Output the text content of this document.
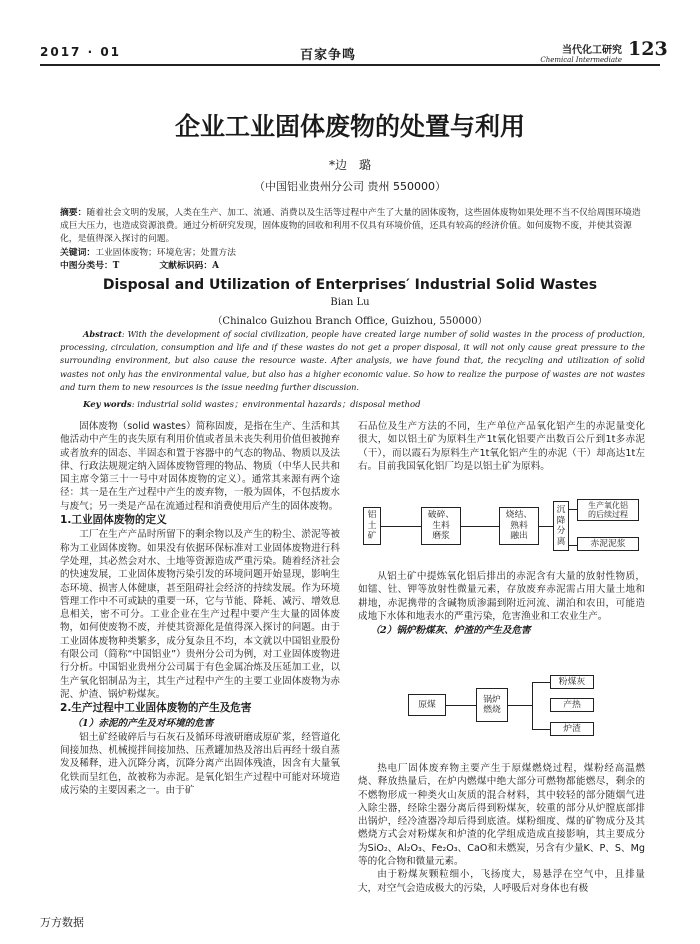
2017 · 01	百家争鸣	当代化工研究
Chemical Intermediate 123
企业工业固体废物的处置与利用
*边　璐
（中国铝业贵州分公司 贵州 550000）
摘要：随着社会文明的发展，人类在生产、加工、流通、消费以及生活等过程中产生了大量的固体废物，这些固体废物如果处理不当不仅给周围环境造成巨大压力，也造成资源浪费。通过分析研究发现，固体废物的回收和利用不仅具有环境价值，还具有较高的经济价值。如何废物不废，并使其资源化，是值得深入探讨的问题。
关键词：工业固体废物；环境危害；处置方法
中图分类号：T	文献标识码：A
Disposal and Utilization of Enterprises′ Industrial Solid Wastes
Bian Lu
（Chinalco Guizhou Branch Office, Guizhou, 550000）
Abstract: With the development of social civilization, people have created large number of solid wastes in the process of production, processing, circulation, consumption and life and if these wastes do not get a proper disposal, it will not only cause great pressure to the surrounding environment, but also cause the resource waste. After analysis, we have found that, the recycling and utilization of solid wastes not only has the environmental value, but also has a higher economic value. So how to realize the purpose of wastes are not wastes and turn them to new resources is the issue needing further discussion.
Key words: industrial solid wastes；environmental hazards；disposal method

固体废物（solid wastes）简称固废，是指在生产、生活和其他活动中产生的丧失原有利用价值或者虽未丧失利用价值但被抛弃或者放弃的固态、半固态和置于容器中的气态的物品、物质以及法律、行政法规规定纳入固体废物管理的物品、物质（中华人民共和国主席令第三十一号中对固体废物的定义）。通常其来源有两个途径：其一是在生产过程中产生的废弃物，一般为固体，不包括废水与废气；另一类是产品在流通过程和消费使用后产生的固体废物。

1.工业固体废物的定义

工厂在生产产品时所留下的剩余物以及产生的粉尘、淤泥等被称为工业固体废物。如果没有依据环保标准对工业固体废物进行科学处理，其必然会对水、土地等资源造成严重污染。随着经济社会的快速发展，工业固体废物污染引发的环境问题开始显现，影响生态环境、损害人体健康，甚至阻碍社会经济的持续发展。作为环境管理工作中不可或缺的重要一环，它与节能、降耗、减污、增效息息相关，密不可分。工业企业在生产过程中要产生大量的固体废物，如何使废物不废，并使其资源化是值得深入探讨的问题。由于工业固体废物种类繁多，成分复杂且不均，本文就以中国铝业股份有限公司（简称“中国铝业”）贵州分公司为例，对工业固体废物进行分析。中国铝业贵州分公司属于有色金属冶炼及压延加工业，以生产氧化铝制品为主，其生产过程中产生的主要工业固体废物为赤泥、炉渣、锅炉粉煤灰。

2.生产过程中工业固体废物的产生及危害
（1）赤泥的产生及对环境的危害

铝土矿经破碎后与石灰石及循环母液研磨成原矿浆，经管道化间接加热、机械搅拌间接加热、压煮罐加热及溶出后再经十级自蒸发及稀释，进入沉降分离，沉降分离产出固体残渣，因含有大量氧化铁而呈红色，故被称为赤泥。是氧化铝生产过程中可能对环境造成污染的主要因素之一。由于矿

石品位及生产方法的不同，生产单位产品氧化铝产生的赤泥量变化很大，如以铝土矿为原料生产1t氧化铝要产出数百公斤到1t多赤泥（干），而以霞石为原料生产1t氧化铝产生的赤泥（干）却高达1t左右。目前我国氧化铝厂均是以铝土矿为原料。

铝
土
矿
破碎、
生料
磨浆
烧结、
熟料
融出
沉
降
分
离
生产氧化铝
的后续过程
赤泥泥浆

从铝土矿中提炼氧化铝后排出的赤泥含有大量的放射性物质，如镭、钍、钾等放射性微量元素，存放废弃赤泥需占用大量土地和耕地，赤泥携带的含碱物质渗漏到附近河流、湖泊和农田，可能造成地下水体和地表水的严重污染，危害渔业和工农业生产。

（2）锅炉粉煤灰、炉渣的产生及危害
原煤
锅炉
燃烧
粉煤灰
产热
炉渣

热电厂固体废弃物主要产生于原煤燃烧过程，煤粉经高温燃烧、释放热量后，在炉内燃煤中绝大部分可燃物都能燃尽，剩余的不燃物形成一种类火山灰质的混合材料，其中较轻的部分随烟气进入除尘器，经除尘器分离后得到粉煤灰，较重的部分从炉膛底部排出锅炉，经冷渣器冷却后得到底渣。煤粉细度、煤的矿物成分及其燃烧方式会对粉煤灰和炉渣的化学组成造成直接影响，其主要成分为SiO₂、Al₂O₃、Fe₂O₃、CaO和未燃炭，另含有少量K、P、S、Mg等的化合物和微量元素。

由于粉煤灰颗粒细小，飞扬度大，易悬浮在空气中，且排量大，对空气会造成极大的污染，人呼吸后对身体也有极

万方数据
